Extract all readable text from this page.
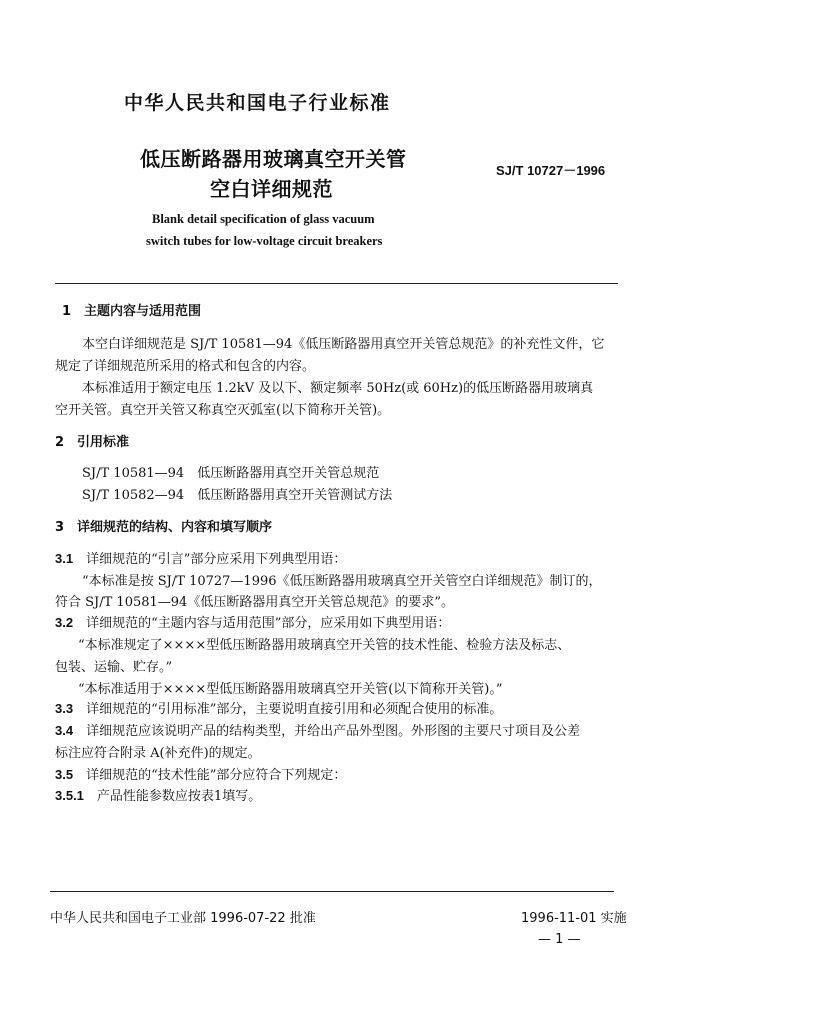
中华人民共和国电子行业标准
低压断路器用玻璃真空开关管
空白详细规范
SJ/T 10727－1996
Blank detail specification of glass vacuum
switch tubes for low-voltage circuit breakers
1　主题内容与适用范围
本空白详细规范是 SJ/T 10581—94《低压断路器用真空开关管总规范》的补充性文件，它
规定了详细规范所采用的格式和包含的内容。
本标准适用于额定电压 1.2kV 及以下、额定频率 50Hz(或 60Hz)的低压断路器用玻璃真
空开关管。真空开关管又称真空灭弧室(以下简称开关管)。
2　引用标准
SJ/T 10581—94　低压断路器用真空开关管总规范
SJ/T 10582—94　低压断路器用真空开关管测试方法
3　详细规范的结构、内容和填写顺序
3.1　详细规范的“引言”部分应采用下列典型用语：
“本标准是按 SJ/T 10727—1996《低压断路器用玻璃真空开关管空白详细规范》制订的，
符合 SJ/T 10581—94《低压断路器用真空开关管总规范》的要求”。
3.2　详细规范的“主题内容与适用范围”部分，应采用如下典型用语：
“本标准规定了××××型低压断路器用玻璃真空开关管的技术性能、检验方法及标志、
包装、运输、贮存。”
“本标准适用于××××型低压断路器用玻璃真空开关管(以下简称开关管)。”
3.3　详细规范的“引用标准”部分，主要说明直接引用和必须配合使用的标准。
3.4　详细规范应该说明产品的结构类型，并给出产品外型图。外形图的主要尺寸项目及公差
标注应符合附录 A(补充件)的规定。
3.5　详细规范的“技术性能”部分应符合下列规定：
3.5.1　产品性能参数应按表1填写。
中华人民共和国电子工业部 1996-07-22 批准	1996-11-01 实施
— 1 —
